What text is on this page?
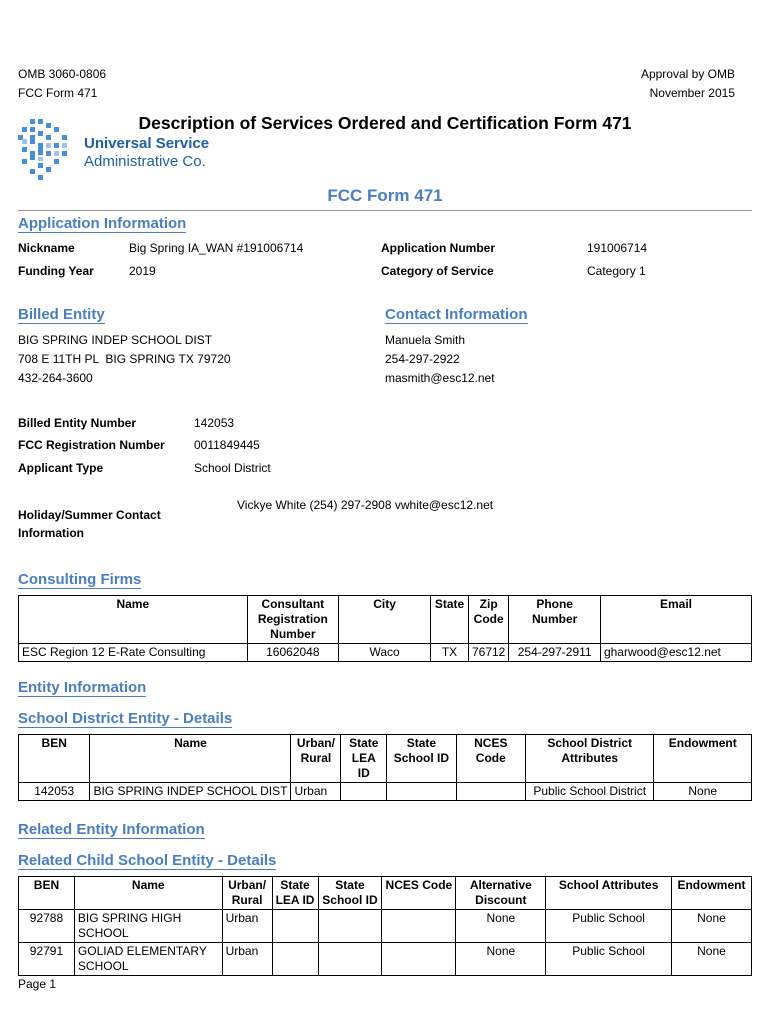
OMB 3060-0806
FCC Form 471
Approval by OMB
November 2015
Description of Services Ordered and Certification Form 471
Universal Service
Administrative Co.
FCC Form 471
Application Information
Nickname	Big Spring IA_WAN #191006714	Application Number	191006714
Funding Year	2019	Category of Service	Category 1
Billed Entity
BIG SPRING INDEP SCHOOL DIST
708 E 11TH PL  BIG SPRING TX 79720
432-264-3600
Contact Information
Manuela Smith
254-297-2922
masmith@esc12.net
Billed Entity Number	142053
FCC Registration Number 0011849445
Applicant Type	School District
Holiday/Summer Contact
Information
Vickye White (254) 297-2908 vwhite@esc12.net
Consulting Firms
Name	Consultant Registration Number	City	State	Zip Code	Phone Number	Email
ESC Region 12 E-Rate Consulting	16062048	Waco	TX	76712	254-297-2911	gharwood@esc12.net
Entity Information
School District Entity - Details
BEN	Name	Urban/ Rural	State LEA ID	State School ID	NCES Code	School District Attributes	Endowment
142053	BIG SPRING INDEP SCHOOL DIST	Urban				Public School District	None
Related Entity Information
Related Child School Entity - Details
BEN	Name	Urban/ Rural	State LEA ID	State School ID	NCES Code	Alternative Discount	School Attributes	Endowment
92788	BIG SPRING HIGH SCHOOL	Urban				None	Public School	None
92791	GOLIAD ELEMENTARY SCHOOL	Urban				None	Public School	None
Page 1
